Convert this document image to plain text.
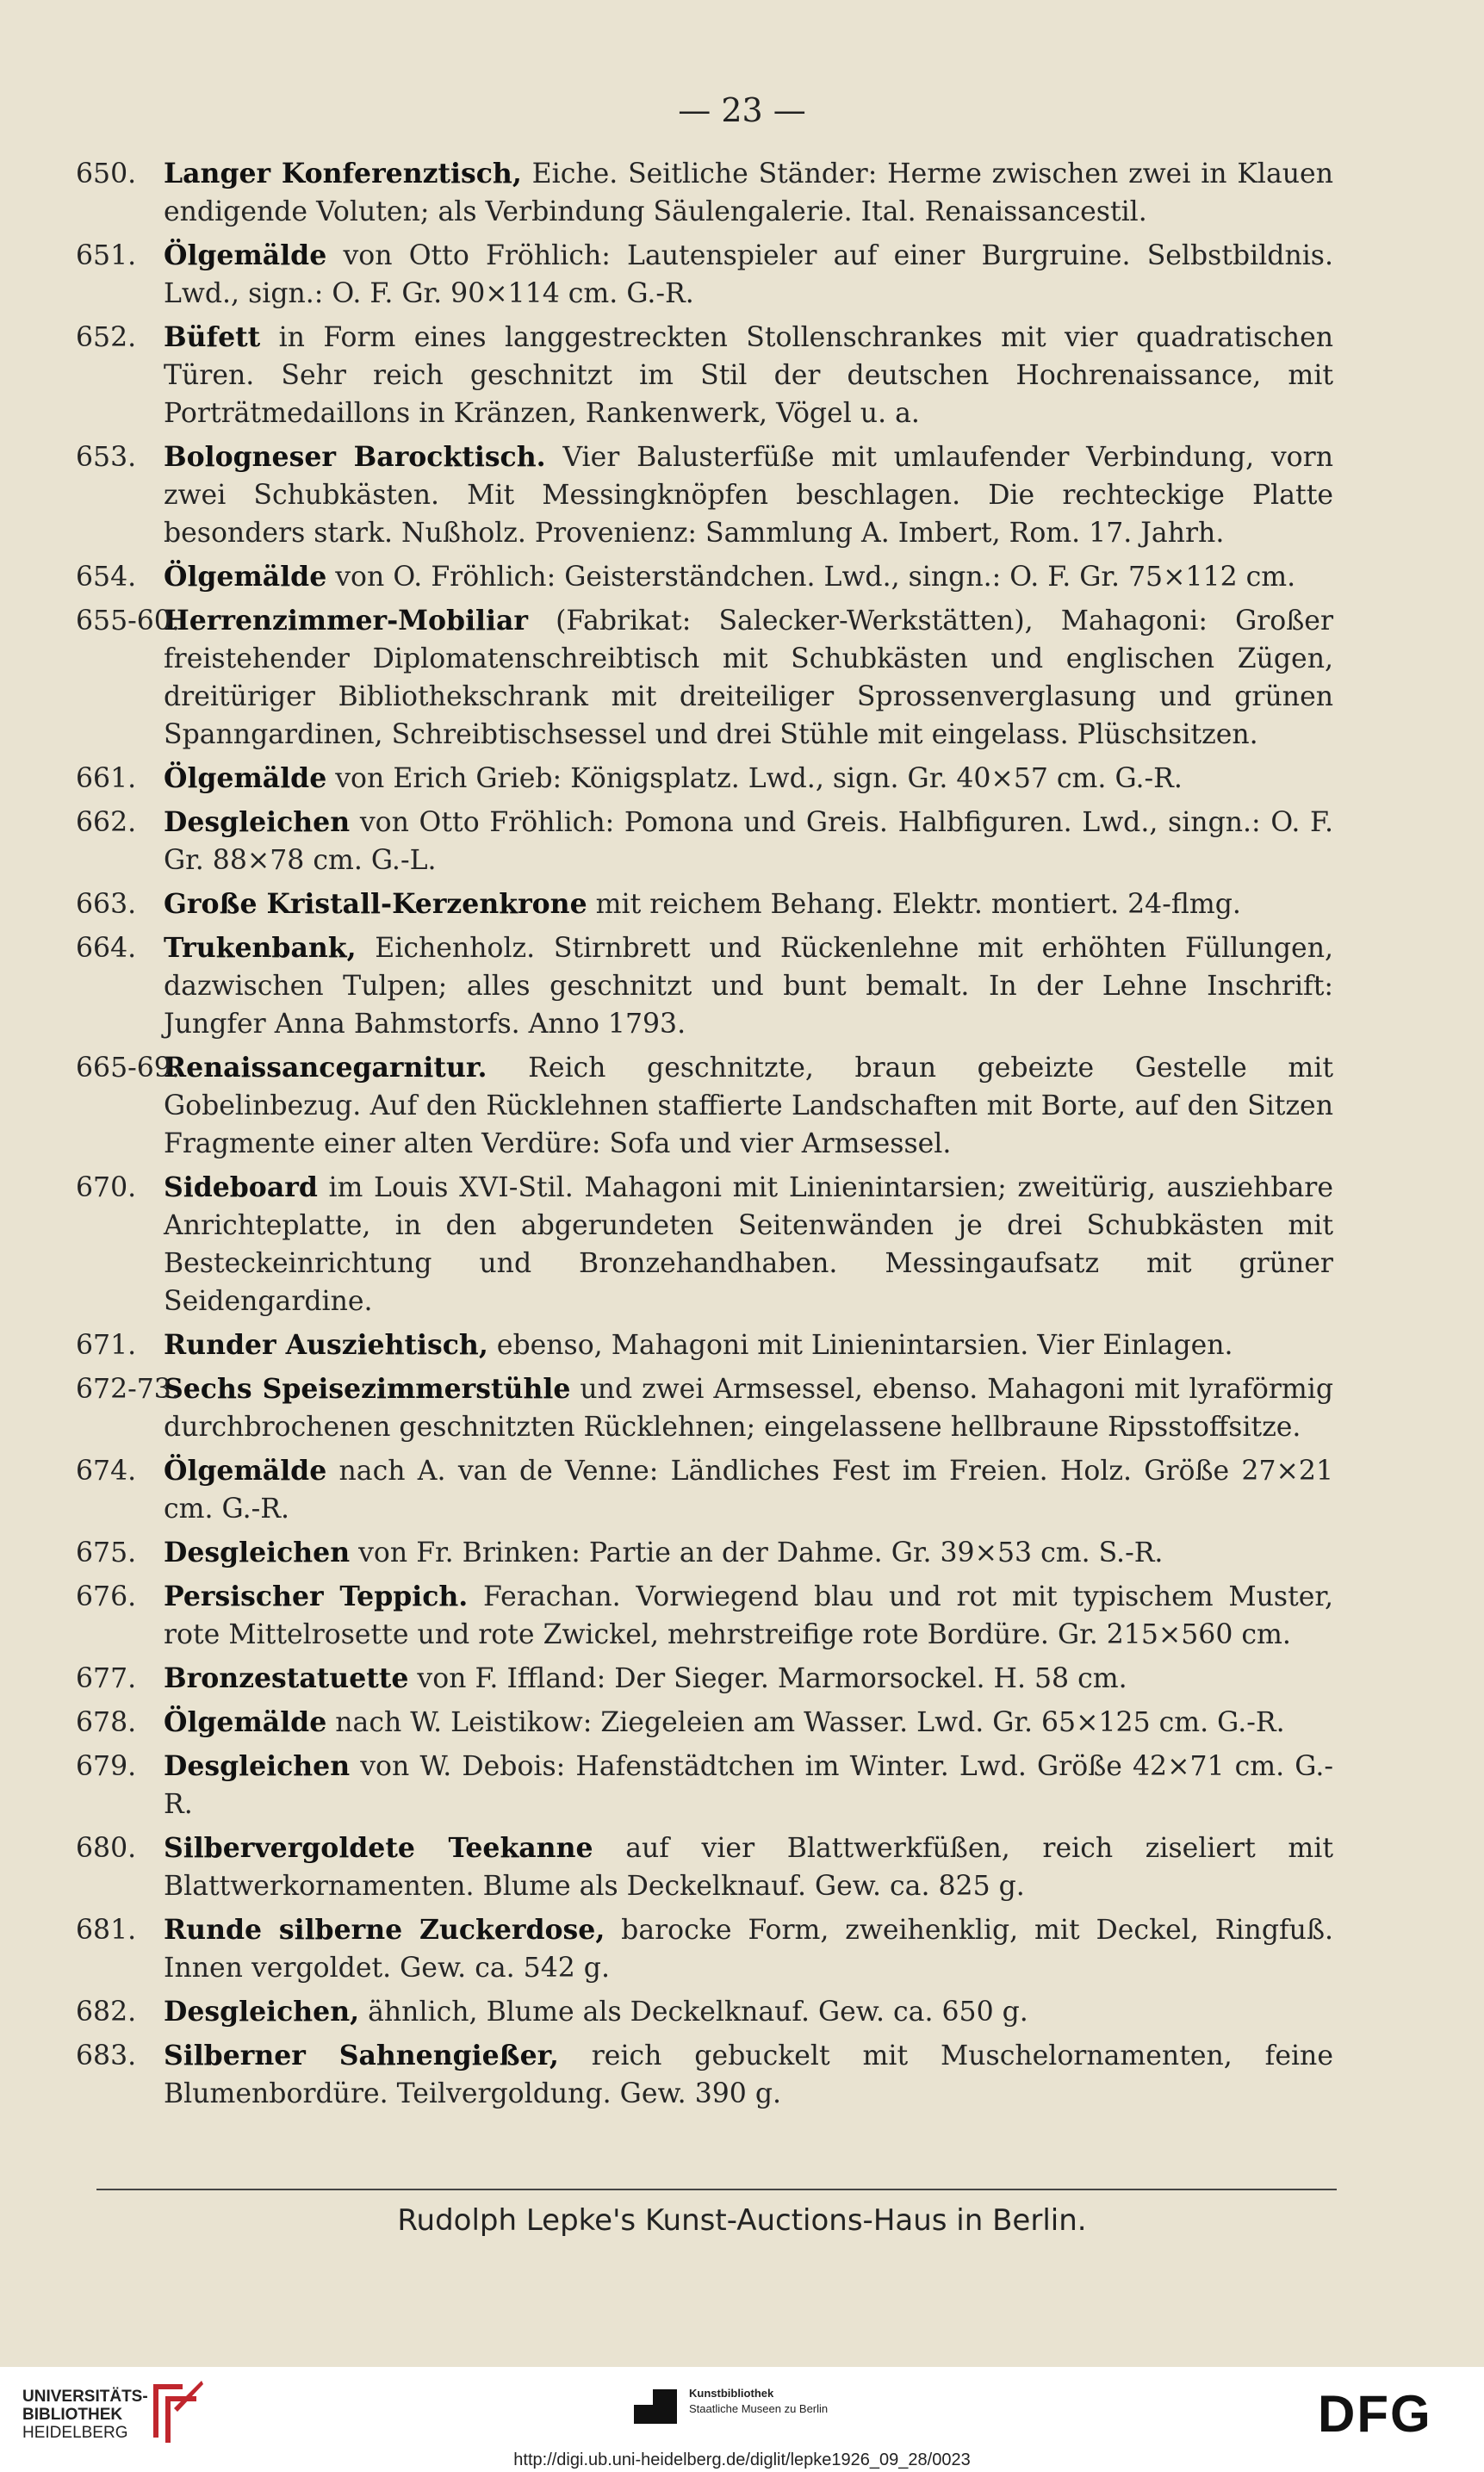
— 23 —
650. Langer Konferenztisch, Eiche. Seitliche Ständer: Herme zwischen zwei in Klauen endigende Voluten; als Verbindung Säulengalerie. Ital. Renaissancestil.
651. Ölgemälde von Otto Fröhlich: Lautenspieler auf einer Burgruine. Selbstbildnis. Lwd., sign.: O. F. Gr. 90×114 cm. G.-R.
652. Büfett in Form eines langgestreckten Stollenschrankes mit vier quadratischen Türen. Sehr reich geschnitzt im Stil der deutschen Hochrenaissance, mit Porträtmedaillons in Kränzen, Rankenwerk, Vögel u. a.
653. Bologneser Barocktisch. Vier Balusterfüße mit umlaufender Verbindung, vorn zwei Schubkästen. Mit Messingknöpfen beschlagen. Die rechteckige Platte besonders stark. Nußholz. Provenienz: Sammlung A. Imbert, Rom. 17. Jahrh.
654. Ölgemälde von O. Fröhlich: Geisterständchen. Lwd., singn.: O. F. Gr. 75×112 cm.
655-60.
Herrenzimmer-Mobiliar (Fabrikat: Salecker-Werkstätten), Mahagoni: Großer freistehender Diplomatenschreibtisch mit Schubkästen und englischen Zügen, dreitüriger Bibliothekschrank mit dreiteiliger Sprossenverglasung und grünen Spanngardinen, Schreibtischsessel und drei Stühle mit eingelass. Plüschsitzen.
661. Ölgemälde von Erich Grieb: Königsplatz. Lwd., sign. Gr. 40×57 cm. G.-R.
662. Desgleichen von Otto Fröhlich: Pomona und Greis. Halbfiguren. Lwd., singn.: O. F. Gr. 88×78 cm. G.-L.
663. Große Kristall-Kerzenkrone mit reichem Behang. Elektr. montiert. 24-flmg.
664. Trukenbank, Eichenholz. Stirnbrett und Rückenlehne mit erhöhten Füllungen, dazwischen Tulpen; alles geschnitzt und bunt bemalt. In der Lehne Inschrift: Jungfer Anna Bahmstorfs. Anno 1793.
665-69.
Renaissancegarnitur. Reich geschnitzte, braun gebeizte Gestelle mit Gobelinbezug. Auf den Rücklehnen staffierte Landschaften mit Borte, auf den Sitzen Fragmente einer alten Verdüre: Sofa und vier Armsessel.
670. Sideboard im Louis XVI-Stil. Mahagoni mit Linienintarsien; zweitürig, ausziehbare Anrichteplatte, in den abgerundeten Seitenwänden je drei Schubkästen mit Besteckeinrichtung und Bronzehandhaben. Messingaufsatz mit grüner Seidengardine.
671. Runder Ausziehtisch, ebenso, Mahagoni mit Linienintarsien. Vier Einlagen.
672-73.
Sechs Speisezimmerstühle und zwei Armsessel, ebenso. Mahagoni mit lyraförmig durchbrochenen geschnitzten Rücklehnen; eingelassene hellbraune Ripsstoffsitze.
674. Ölgemälde nach A. van de Venne: Ländliches Fest im Freien. Holz. Größe 27×21 cm. G.-R.
675. Desgleichen von Fr. Brinken: Partie an der Dahme. Gr. 39×53 cm. S.-R.
676. Persischer Teppich. Ferachan. Vorwiegend blau und rot mit typischem Muster, rote Mittelrosette und rote Zwickel, mehrstreifige rote Bordüre. Gr. 215×560 cm.
677. Bronzestatuette von F. Iffland: Der Sieger. Marmorsockel. H. 58 cm.
678. Ölgemälde nach W. Leistikow: Ziegeleien am Wasser. Lwd. Gr. 65×125 cm. G.-R.
679. Desgleichen von W. Debois: Hafenstädtchen im Winter. Lwd. Größe 42×71 cm. G.-R.
680. Silbervergoldete Teekanne auf vier Blattwerkfüßen, reich ziseliert mit Blattwerkornamenten. Blume als Deckelknauf. Gew. ca. 825 g.
681. Runde silberne Zuckerdose, barocke Form, zweihenklig, mit Deckel, Ringfuß. Innen vergoldet. Gew. ca. 542 g.
682. Desgleichen, ähnlich, Blume als Deckelknauf. Gew. ca. 650 g.
683. Silberner Sahnengießer, reich gebuckelt mit Muschelornamenten, feine Blumenbordüre. Teilvergoldung. Gew. 390 g.
Rudolph Lepke's Kunst-Auctions-Haus in Berlin.
UNIVERSITÄTS-
BIBLIOTHEK
HEIDELBERG
Kunstbibliothek
Staatliche Museen zu Berlin	DFG
http://digi.ub.uni-heidelberg.de/diglit/lepke1926_09_28/0023
